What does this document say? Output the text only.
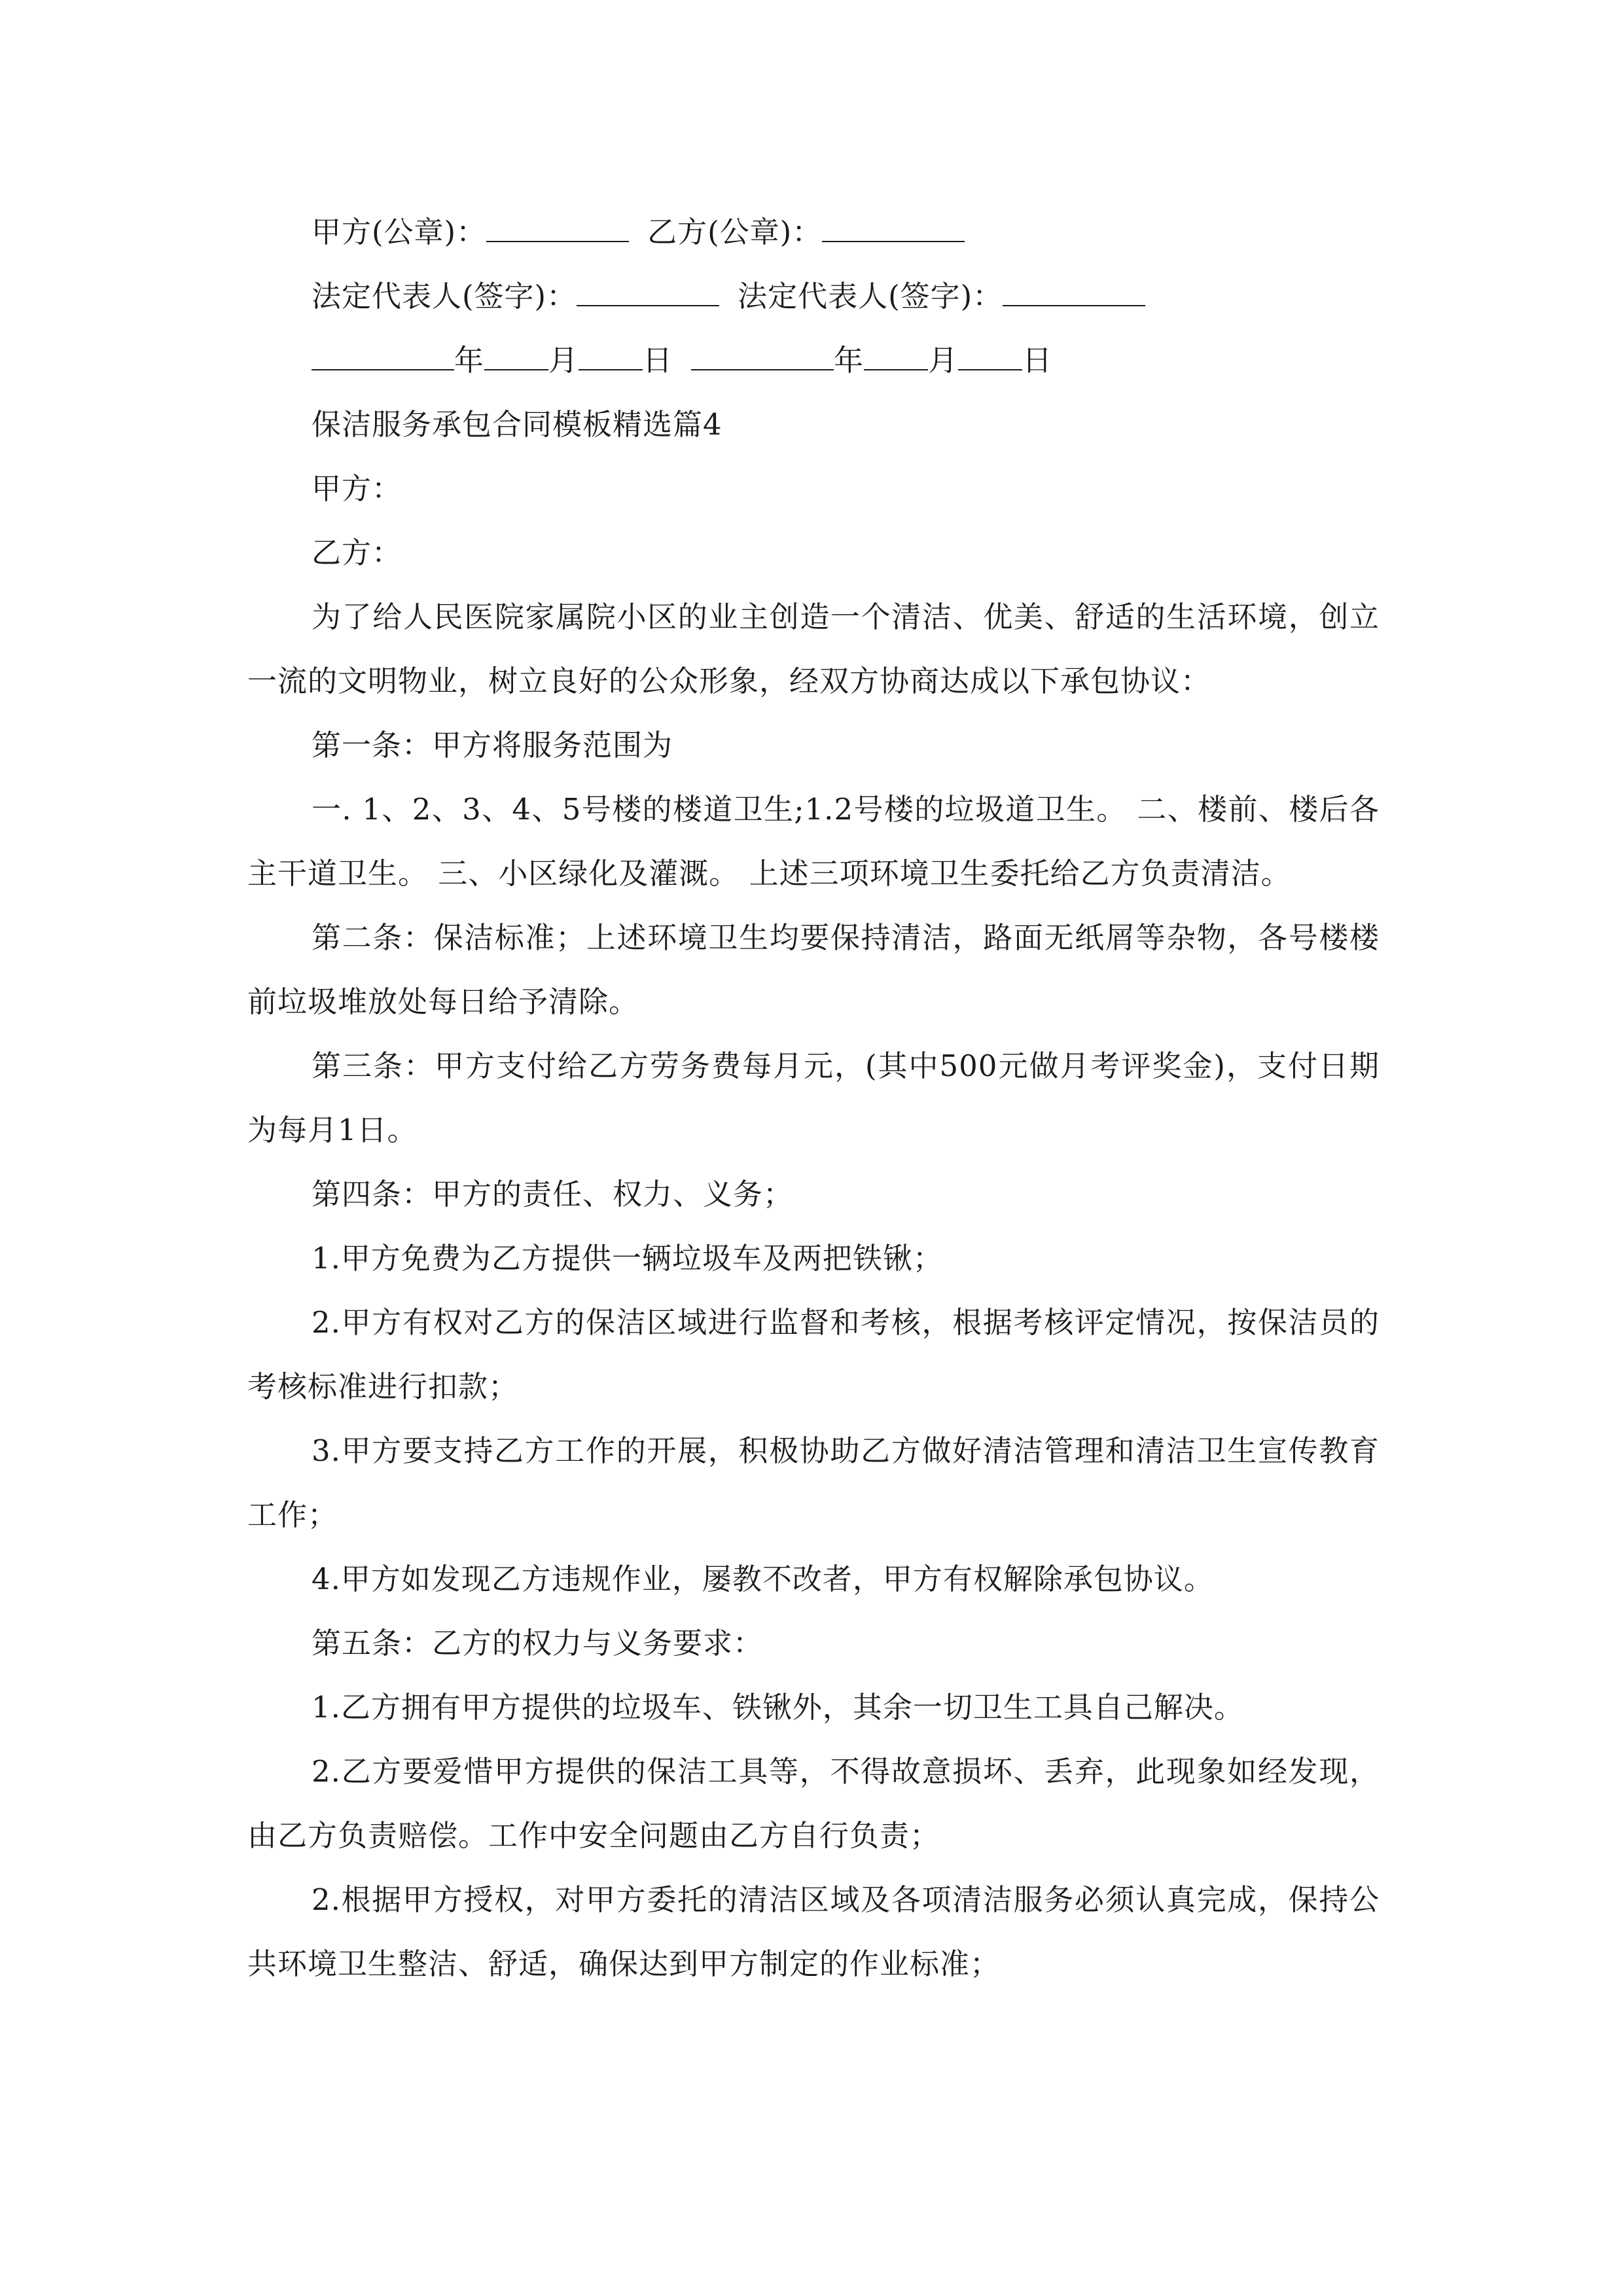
甲方(公章)：	乙方(公章)：
法定代表人(签字)：	法定代表人(签字)：
年 月 日	年 月 日
保洁服务承包合同模板精选篇4
甲方：
乙方：
为了给人民医院家属院小区的业主创造一个清洁、优美、舒适的生活环境，创立一流的文明物业，树立良好的公众形象，经双方协商达成以下承包协议：
第一条：甲方将服务范围为
一. 1、2、3、4、5号楼的楼道卫生;1.2号楼的垃圾道卫生。 二、楼前、楼后各主干道卫生。 三、小区绿化及灌溉。 上述三项环境卫生委托给乙方负责清洁。
第二条：保洁标准；上述环境卫生均要保持清洁，路面无纸屑等杂物，各号楼楼前垃圾堆放处每日给予清除。
第三条：甲方支付给乙方劳务费每月元，(其中500元做月考评奖金)，支付日期为每月1日。
第四条：甲方的责任、权力、义务；
1.甲方免费为乙方提供一辆垃圾车及两把铁锹；
2.甲方有权对乙方的保洁区域进行监督和考核，根据考核评定情况，按保洁员的考核标准进行扣款；
3.甲方要支持乙方工作的开展，积极协助乙方做好清洁管理和清洁卫生宣传教育工作；
4.甲方如发现乙方违规作业，屡教不改者，甲方有权解除承包协议。
第五条：乙方的权力与义务要求：
1.乙方拥有甲方提供的垃圾车、铁锹外，其余一切卫生工具自己解决。
2.乙方要爱惜甲方提供的保洁工具等，不得故意损坏、丢弃，此现象如经发现，由乙方负责赔偿。工作中安全问题由乙方自行负责；
2.根据甲方授权，对甲方委托的清洁区域及各项清洁服务必须认真完成，保持公共环境卫生整洁、舒适，确保达到甲方制定的作业标准；
